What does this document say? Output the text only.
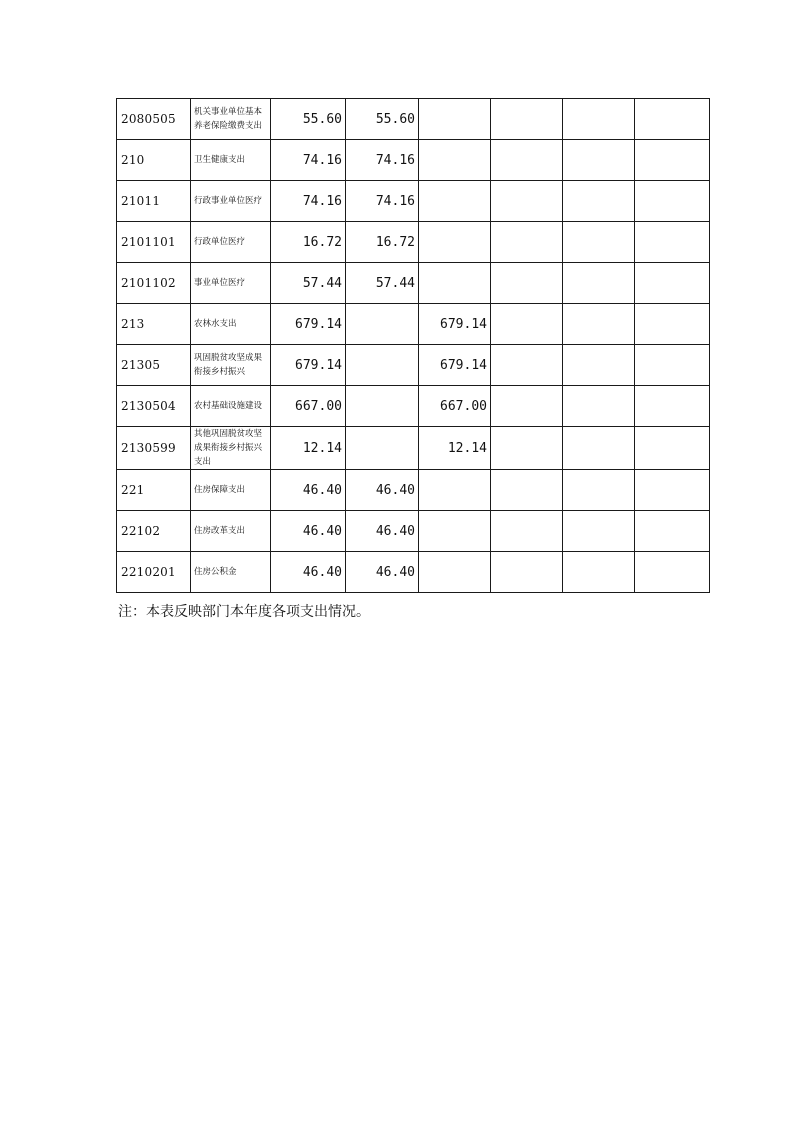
2080505	机关事业单位基本养老保险缴费支出	55.60	55.60				
210	卫生健康支出	74.16	74.16				
21011	行政事业单位医疗	74.16	74.16				
2101101	行政单位医疗	16.72	16.72				
2101102	事业单位医疗	57.44	57.44				
213	农林水支出	679.14		679.14			
21305	巩固脱贫攻坚成果衔接乡村振兴	679.14		679.14			
2130504	农村基础设施建设	667.00		667.00			
2130599	其他巩固脱贫攻坚成果衔接乡村振兴支出	12.14		12.14			
221	住房保障支出	46.40	46.40				
22102	住房改革支出	46.40	46.40				
2210201	住房公积金	46.40	46.40				
注：本表反映部门本年度各项支出情况。
